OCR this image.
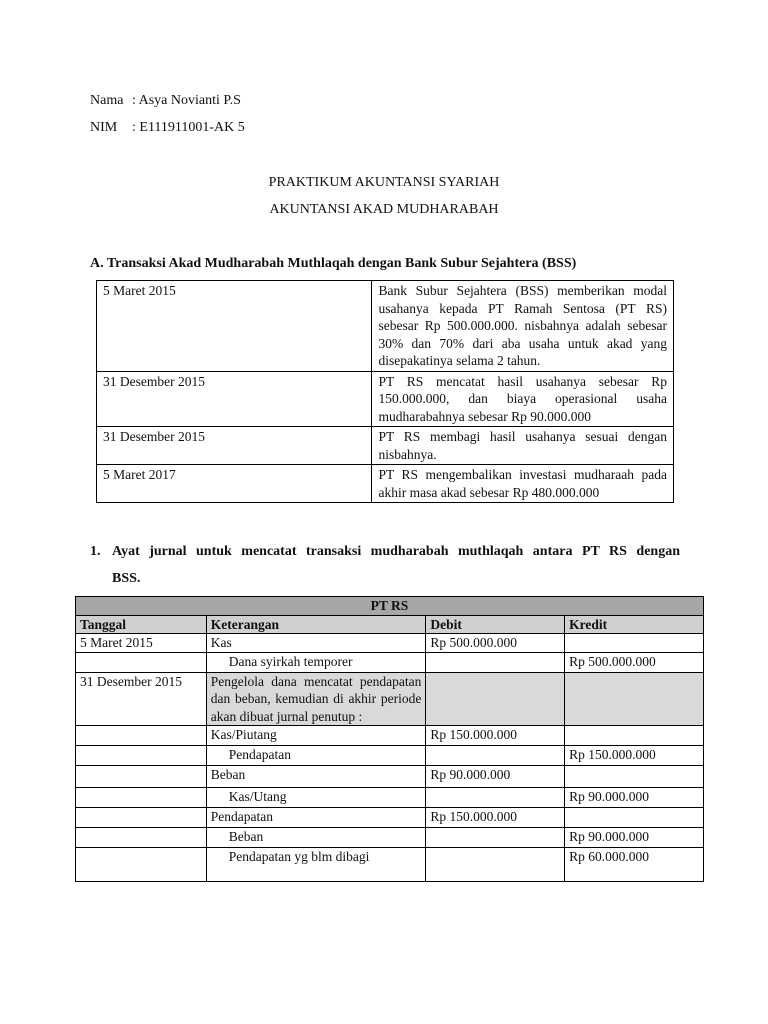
Nama : Asya Novianti P.S
NIM : E111911001-AK 5
PRAKTIKUM AKUNTANSI SYARIAH
AKUNTANSI AKAD MUDHARABAH
A. Transaksi Akad Mudharabah Muthlaqah dengan Bank Subur Sejahtera (BSS)
5 Maret 2015	Bank Subur Sejahtera (BSS) memberikan modal usahanya kepada PT Ramah Sentosa (PT RS) sebesar Rp 500.000.000. nisbahnya adalah sebesar 30% dan 70% dari aba usaha untuk akad yang disepakatinya selama 2 tahun.
31 Desember 2015	PT RS mencatat hasil usahanya sebesar Rp 150.000.000, dan biaya operasional usaha mudharabahnya sebesar Rp 90.000.000
31 Desember 2015	PT RS membagi hasil usahanya sesuai dengan nisbahnya.
5 Maret 2017	PT RS mengembalikan investasi mudharaah pada akhir masa akad sebesar Rp 480.000.000
1. Ayat jurnal untuk mencatat transaksi mudharabah muthlaqah antara PT RS dengan
BSS.
PT RS			
Tanggal	Keterangan	Debit	Kredit
5 Maret 2015	Kas	Rp 500.000.000	
	Dana syirkah temporer		Rp 500.000.000
31 Desember 2015	Pengelola dana mencatat pendapatan dan beban, kemudian di akhir periode akan dibuat jurnal penutup :		
	Kas/Piutang	Rp 150.000.000	
	Pendapatan		Rp 150.000.000
	Beban	Rp 90.000.000	
	Kas/Utang		Rp 90.000.000
	Pendapatan	Rp 150.000.000	
	Beban		Rp 90.000.000
	Pendapatan yg blm dibagi		Rp 60.000.000
